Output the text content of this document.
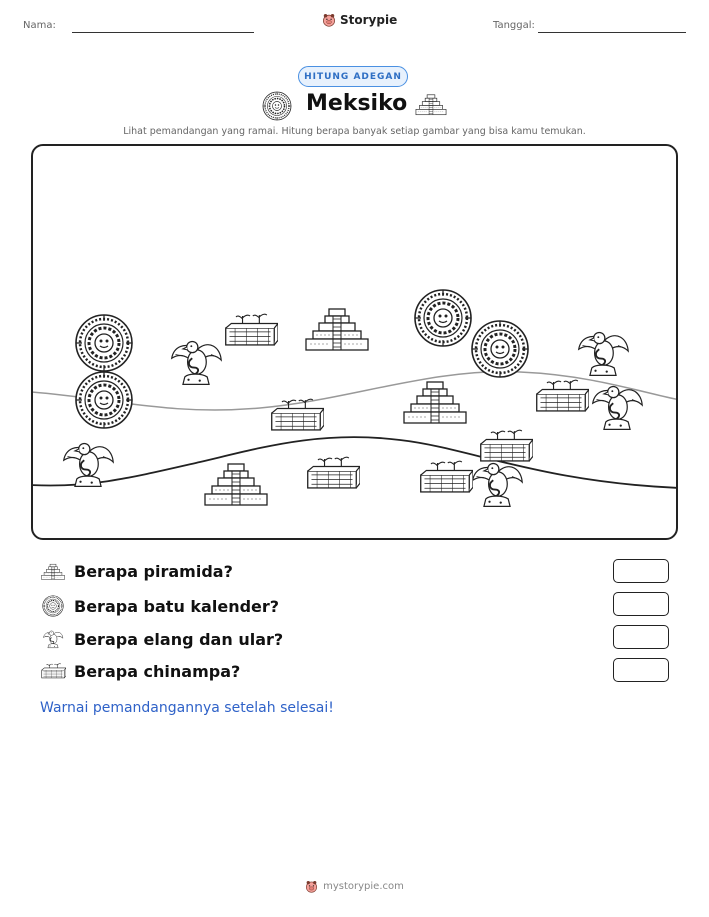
Nama:	Storypie	Tanggal:
HITUNG ADEGAN
Meksiko
Lihat pemandangan yang ramai. Hitung berapa banyak setiap gambar yang bisa kamu temukan.
Berapa piramida?
Berapa batu kalender?
Berapa elang dan ular?
Berapa chinampa?
Warnai pemandangannya setelah selesai!
mystorypie.com
